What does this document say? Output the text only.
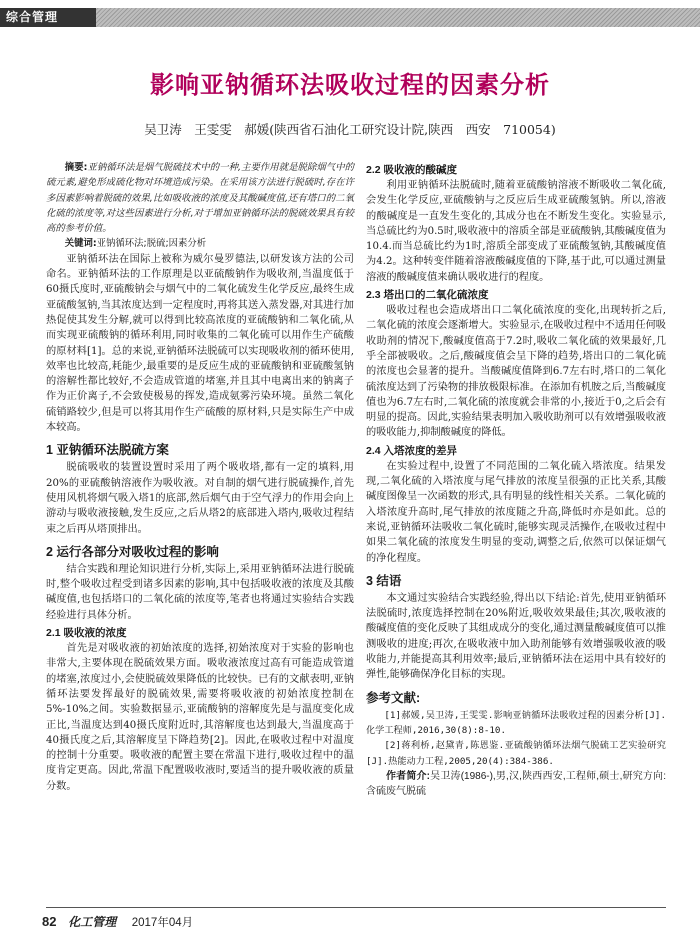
综合管理
影响亚钠循环法吸收过程的因素分析
吴卫涛　王雯雯　郝媛(陕西省石油化工研究设计院,陕西　西安　710054)

摘要:亚钠循环法是烟气脱硫技术中的一种,主要作用就是脱除烟气中的硫元素,避免形成硫化物对环境造成污染。在采用该方法进行脱硫时,存在许多因素影响着脱硫的效果,比如吸收液的浓度及其酸碱度值,还有塔口的二氧化硫的浓度等,对这些因素进行分析,对于增加亚钠循环法的脱硫效果具有较高的参考价值。

关键词:亚钠循环法;脱硫;因素分析

亚钠循环法在国际上被称为威尔曼罗德法,以研发该方法的公司命名。亚钠循环法的工作原理是以亚硫酸钠作为吸收剂,当温度低于60摄氏度时,亚硫酸钠会与烟气中的二氧化硫发生化学反应,最终生成亚硫酸氢钠,当其浓度达到一定程度时,再将其送入蒸发器,对其进行加热促使其发生分解,就可以得到比较高浓度的亚硫酸钠和二氧化硫,从而实现亚硫酸钠的循环利用,同时收集的二氧化硫可以用作生产硫酸的原材料[1]。总的来说,亚钠循环法脱硫可以实现吸收剂的循环使用,效率也比较高,耗能少,最重要的是反应生成的亚硫酸钠和亚硫酸氢钠的溶解性都比较好,不会造成管道的堵塞,并且其中电离出来的钠离子作为正价离子,不会致使极易的挥发,造成氨雾污染环境。虽然二氧化硫销路较少,但是可以将其用作生产硫酸的原材料,只是实际生产中成本较高。

1 亚钠循环法脱硫方案

脱硫吸收的装置设置时采用了两个吸收塔,都有一定的填料,用20%的亚硫酸钠溶液作为吸收液。对自制的烟气进行脱硫操作,首先使用风机将烟气吸入塔1的底部,然后烟气由于空气浮力的作用会向上游动与吸收液接触,发生反应,之后从塔2的底部进入塔内,吸收过程结束之后再从塔顶排出。

2 运行各部分对吸收过程的影响

结合实践和理论知识进行分析,实际上,采用亚钠循环法进行脱硫时,整个吸收过程受到诸多因素的影响,其中包括吸收液的浓度及其酸碱度值,也包括塔口的二氧化硫的浓度等,笔者也将通过实验结合实践经验进行具体分析。

2.1 吸收液的浓度

首先是对吸收液的初始浓度的选择,初始浓度对于实验的影响也非常大,主要体现在脱硫效果方面。吸收液浓度过高有可能造成管道的堵塞,浓度过小,会使脱硫效果降低的比较快。已有的文献表明,亚钠循环法要发挥最好的脱硫效果,需要将吸收液的初始浓度控制在5%-10%之间。实验数据显示,亚硫酸钠的溶解度先是与温度变化成正比,当温度达到40摄氏度附近时,其溶解度也达到最大,当温度高于40摄氏度之后,其溶解度呈下降趋势[2]。因此,在吸收过程中对温度的控制十分重要。吸收液的配置主要在常温下进行,吸收过程中的温度肯定更高。因此,常温下配置吸收液时,要适当的提升吸收液的质量分数。

2.2 吸收液的酸碱度

利用亚钠循环法脱硫时,随着亚硫酸钠溶液不断吸收二氧化硫,会发生化学反应,亚硫酸钠与之反应后生成亚硫酸氢钠。所以,溶液的酸碱度是一直发生变化的,其成分也在不断发生变化。实验显示,当总硫比约为0.5时,吸收液中的溶质全部是亚硫酸钠,其酸碱度值为10.4.而当总硫比约为1时,溶质全部变成了亚硫酸氢钠,其酸碱度值为4.2。这种转变伴随着溶液酸碱度值的下降,基于此,可以通过测量溶液的酸碱度值来确认吸收进行的程度。

2.3 塔出口的二氧化硫浓度

吸收过程也会造成塔出口二氧化硫浓度的变化,出现转折之后,二氧化硫的浓度会逐渐增大。实验显示,在吸收过程中不适用任何吸收助剂的情况下,酸碱度值高于7.2时,吸收二氧化硫的效果最好,几乎全部被吸收。之后,酸碱度值会呈下降的趋势,塔出口的二氧化硫的浓度也会显著的提升。当酸碱度值降到6.7左右时,塔口的二氧化硫浓度达到了污染物的排放极限标准。在添加有机胺之后,当酸碱度值也为6.7左右时,二氧化硫的浓度就会非常的小,接近于0,之后会有明显的提高。因此,实验结果表明加入吸收助剂可以有效增强吸收液的吸收能力,抑制酸碱度的降低。

2.4 入塔浓度的差异

在实验过程中,设置了不同范围的二氧化硫入塔浓度。结果发现,二氧化硫的入塔浓度与尾气排放的浓度呈很强的正比关系,其酸碱度图像呈一次函数的形式,具有明显的线性相关关系。二氧化硫的入塔浓度升高时,尾气排放的浓度随之升高,降低时亦是如此。总的来说,亚钠循环法吸收二氧化硫时,能够实现灵活操作,在吸收过程中如果二氧化硫的浓度发生明显的变动,调整之后,依然可以保证烟气的净化程度。

3 结语

本文通过实验结合实践经验,得出以下结论:首先,使用亚钠循环法脱硫时,浓度选择控制在20%附近,吸收效果最佳;其次,吸收液的酸碱度值的变化反映了其组成成分的变化,通过测量酸碱度值可以推测吸收的进度;再次,在吸收液中加入助剂能够有效增强吸收液的吸收能力,并能提高其利用效率;最后,亚钠循环法在运用中具有较好的弹性,能够确保净化目标的实现。

参考文献:

[1]郝媛,吴卫涛,王雯雯.影响亚钠循环法吸收过程的因素分析[J].化学工程师,2016,30(8):8-10.

[2]蒋利桥,赵黛青,陈恩鉴.亚硫酸钠循环法烟气脱硫工艺实验研究[J].热能动力工程,2005,20(4):384-386.

作者简介:吴卫涛(1986-),男,汉,陕西西安,工程师,硕士,研究方向:含硫废气脱硫

82 化工管理 2017年04月
